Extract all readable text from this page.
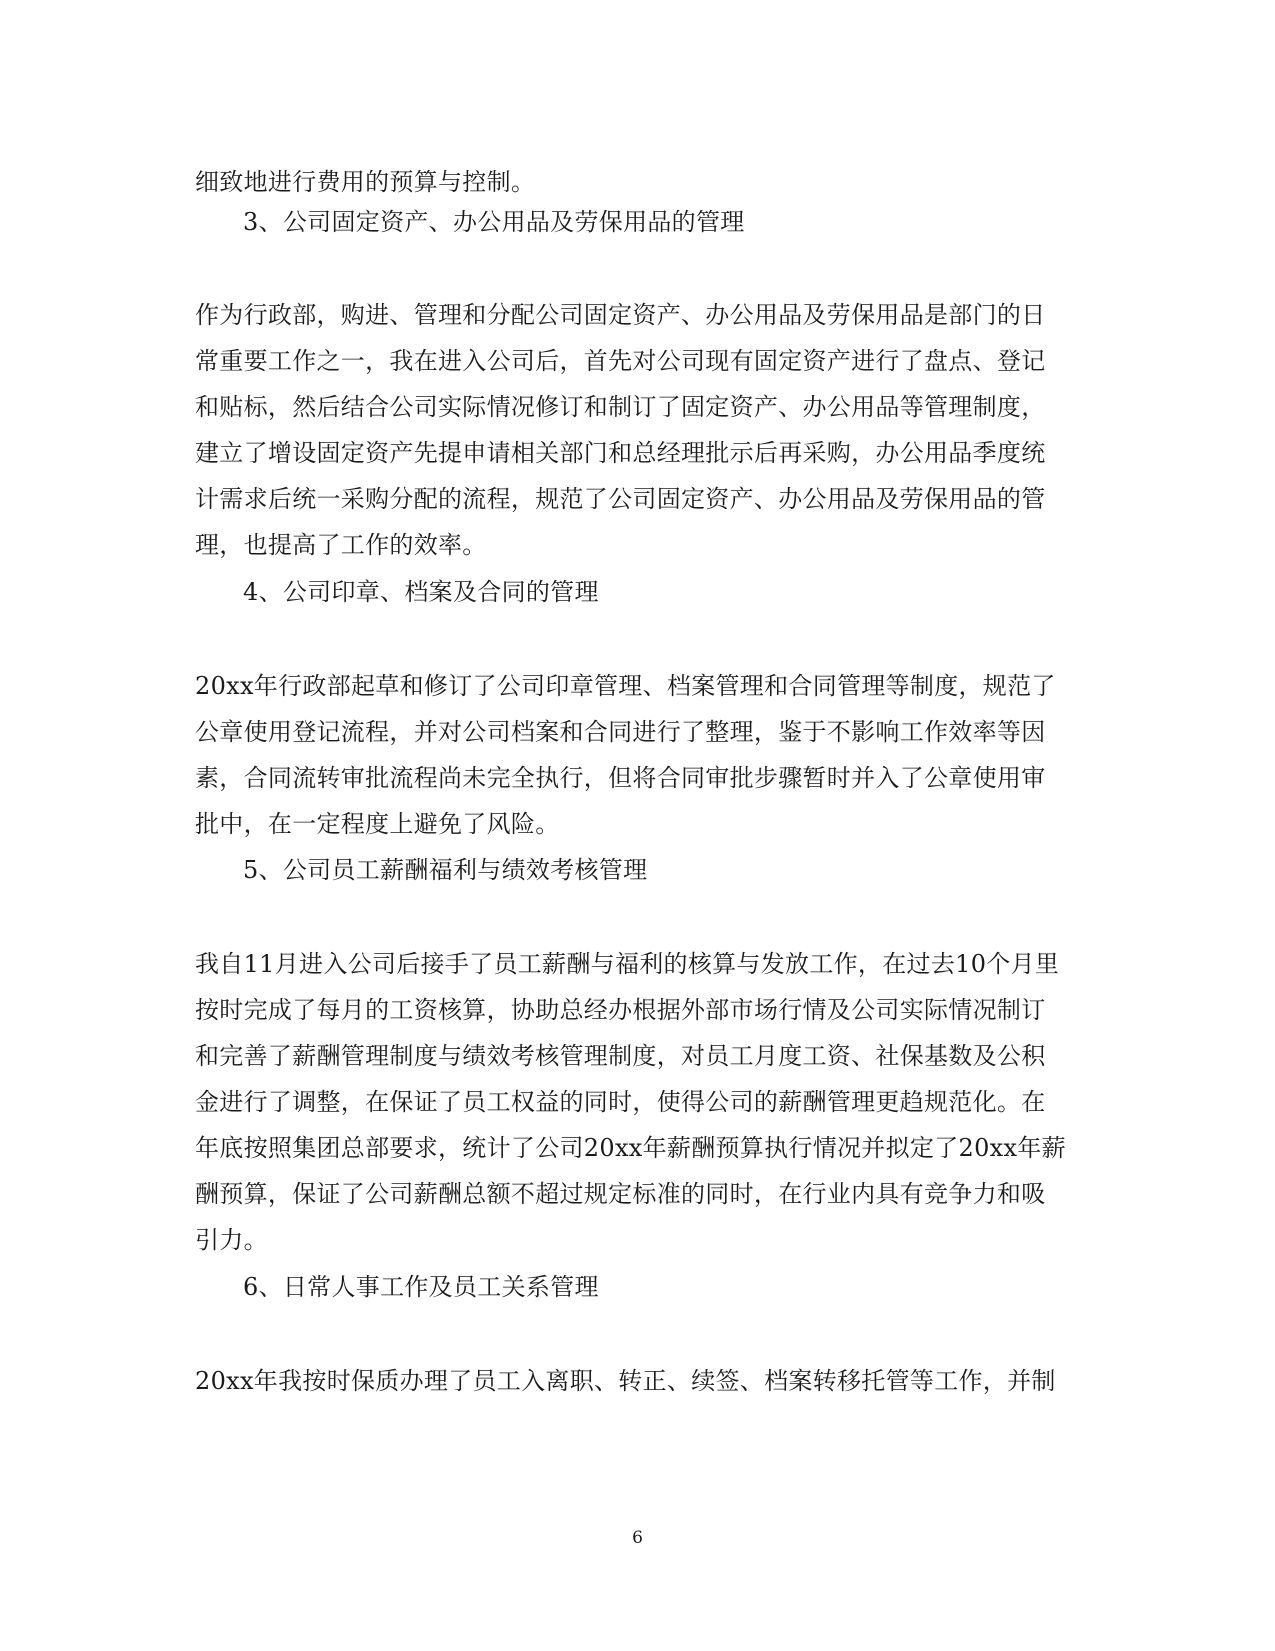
细致地进行费用的预算与控制。
3、公司固定资产、办公用品及劳保用品的管理
作为行政部，购进、管理和分配公司固定资产、办公用品及劳保用品是部门的日
常重要工作之一，我在进入公司后，首先对公司现有固定资产进行了盘点、登记
和贴标，然后结合公司实际情况修订和制订了固定资产、办公用品等管理制度，
建立了增设固定资产先提申请相关部门和总经理批示后再采购，办公用品季度统
计需求后统一采购分配的流程，规范了公司固定资产、办公用品及劳保用品的管
理，也提高了工作的效率。
4、公司印章、档案及合同的管理
20xx年行政部起草和修订了公司印章管理、档案管理和合同管理等制度，规范了
公章使用登记流程，并对公司档案和合同进行了整理，鉴于不影响工作效率等因
素，合同流转审批流程尚未完全执行，但将合同审批步骤暂时并入了公章使用审
批中，在一定程度上避免了风险。
5、公司员工薪酬福利与绩效考核管理
我自11月进入公司后接手了员工薪酬与福利的核算与发放工作，在过去10个月里
按时完成了每月的工资核算，协助总经办根据外部市场行情及公司实际情况制订
和完善了薪酬管理制度与绩效考核管理制度，对员工月度工资、社保基数及公积
金进行了调整，在保证了员工权益的同时，使得公司的薪酬管理更趋规范化。在
年底按照集团总部要求，统计了公司20xx年薪酬预算执行情况并拟定了20xx年薪
酬预算，保证了公司薪酬总额不超过规定标准的同时，在行业内具有竞争力和吸
引力。
6、日常人事工作及员工关系管理
20xx年我按时保质办理了员工入离职、转正、续签、档案转移托管等工作，并制
6
